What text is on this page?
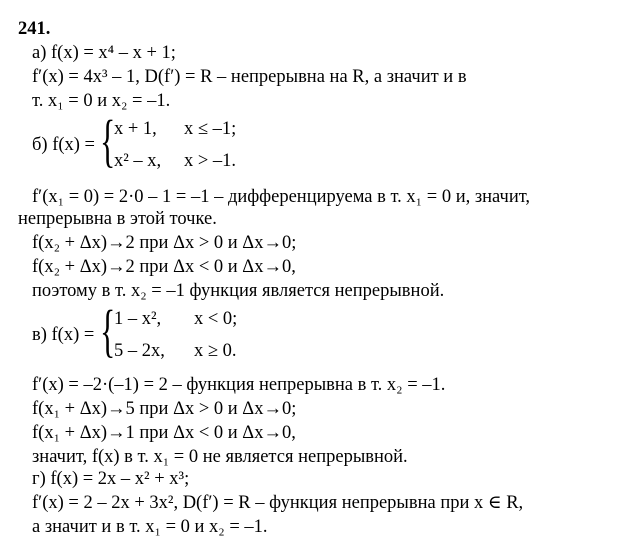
241.
а) f(x) = x⁴ – x + 1;
f′(x) = 4x³ – 1, D(f′) = R – непрерывна на R, а значит и в
т. x₁ = 0 и x₂ = –1.
б) f(x) = {
x + 1, x ≤ –1;
x² – x, x > –1.
f′(x₁ = 0) = 2·0 – 1 = –1 – дифференцируема в т. x₁ = 0 и, значит,
непрерывна в этой точке.
f(x₂ + Δx)→2 при Δx > 0 и Δx→0;
f(x₂ + Δx)→2 при Δx < 0 и Δx→0,
поэтому в т. x₂ = –1 функция является непрерывной.
в) f(x) = {
1 – x², x < 0;
5 – 2x, x ≥ 0.
f′(x) = –2·(–1) = 2 – функция непрерывна в т. x₂ = –1.
f(x₁ + Δx)→5 при Δx > 0 и Δx→0;
f(x₁ + Δx)→1 при Δx < 0 и Δx→0,
значит, f(x) в т. x₁ = 0 не является непрерывной.
г) f(x) = 2x – x² + x³;
f′(x) = 2 – 2x + 3x², D(f′) = R – функция непрерывна при x ∈ R,
а значит и в т. x₁ = 0 и x₂ = –1.
